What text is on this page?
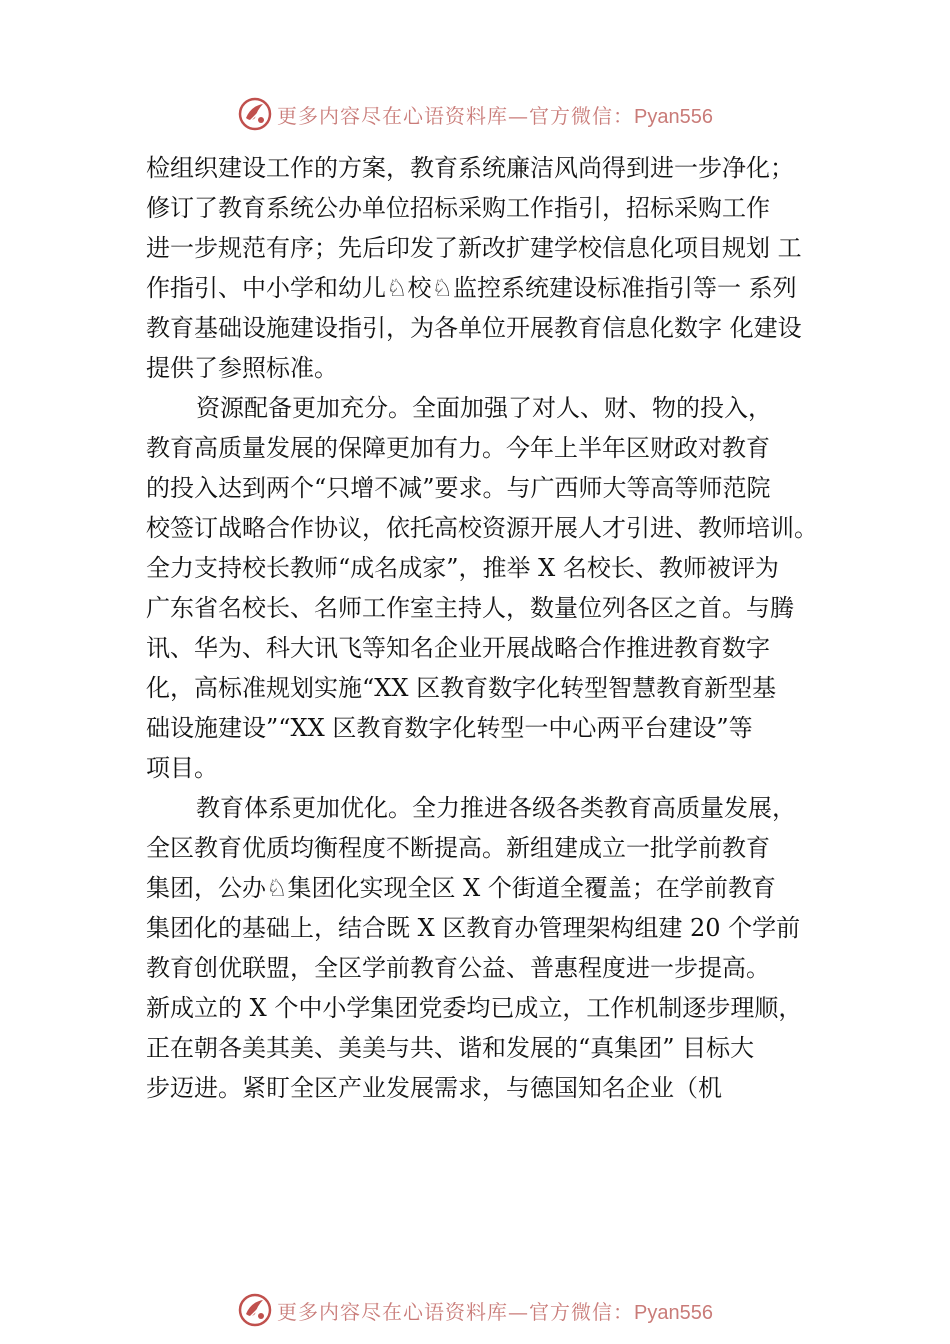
更多内容尽在心语资料库—官方微信：Pyan556
检组织建设工作的方案，教育系统廉洁风尚得到进一步净化；
修订了教育系统公办单位招标采购工作指引，招标采购工作
进一步规范有序；先后印发了新改扩建学校信息化项目规划 工
作指引、中小学和幼儿♘校♘监控系统建设标准指引等一 系列
教育基础设施建设指引，为各单位开展教育信息化数字 化建设
提供了参照标准。
资源配备更加充分。全面加强了对人、财、物的投入，
教育高质量发展的保障更加有力。今年上半年区财政对教育
的投入达到两个“只增不减”要求。与广西师大等高等师范院
校签订战略合作协议，依托高校资源开展人才引进、教师培训。
全力支持校长教师“成名成家”，推举 X 名校长、教师被评为
广东省名校长、名师工作室主持人，数量位列各区之首。与腾
讯、华为、科大讯飞等知名企业开展战略合作推进教育数字
化，高标准规划实施“XX 区教育数字化转型智慧教育新型基
础设施建设”“XX 区教育数字化转型一中心两平台建设”等
项目。
教育体系更加优化。全力推进各级各类教育高质量发展，
全区教育优质均衡程度不断提高。新组建成立一批学前教育
集团，公办♘集团化实现全区 X 个街道全覆盖；在学前教育
集团化的基础上，结合既 X 区教育办管理架构组建 20 个学前
教育创优联盟，全区学前教育公益、普惠程度进一步提高。
新成立的 X 个中小学集团党委均已成立，工作机制逐步理顺，
正在朝各美其美、美美与共、谐和发展的“真集团” 目标大
步迈进。紧盯全区产业发展需求，与德国知名企业（机
更多内容尽在心语资料库—官方微信：Pyan556
